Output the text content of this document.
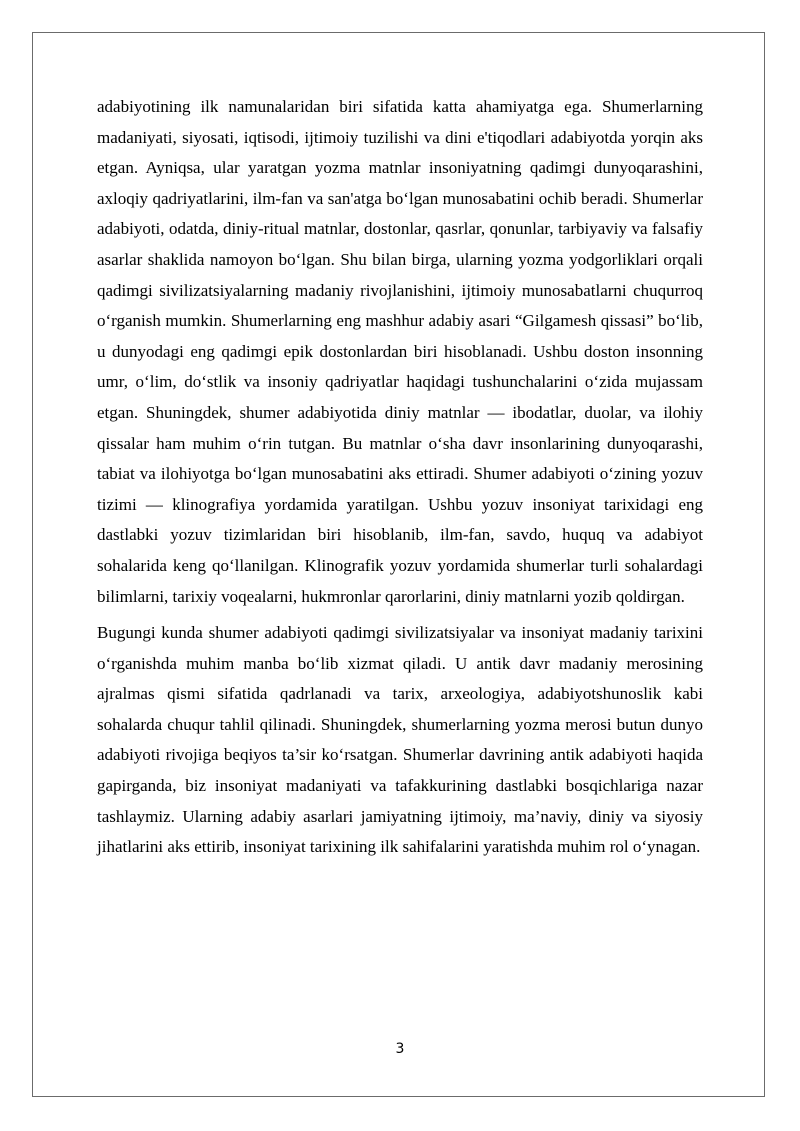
adabiyotining ilk namunalaridan biri sifatida katta ahamiyatga ega. Shumerlarning madaniyati, siyosati, iqtisodi, ijtimoiy tuzilishi va dini e'tiqodlari adabiyotda yorqin aks etgan. Ayniqsa, ular yaratgan yozma matnlar insoniyatning qadimgi dunyoqarashini, axloqiy qadriyatlarini, ilm-fan va san'atga bo‘lgan munosabatini ochib beradi. Shumerlar adabiyoti, odatda, diniy-ritual matnlar, dostonlar, qasrlar, qonunlar, tarbiyaviy va falsafiy asarlar shaklida namoyon bo‘lgan. Shu bilan birga, ularning yozma yodgorliklari orqali qadimgi sivilizatsiyalarning madaniy rivojlanishini, ijtimoiy munosabatlarni chuqurroq o‘rganish mumkin. Shumerlarning eng mashhur adabiy asari “Gilgamesh qissasi” bo‘lib, u dunyodagi eng qadimgi epik dostonlardan biri hisoblanadi. Ushbu doston insonning umr, o‘lim, do‘stlik va insoniy qadriyatlar haqidagi tushunchalarini o‘zida mujassam etgan. Shuningdek, shumer adabiyotida diniy matnlar — ibodatlar, duolar, va ilohiy qissalar ham muhim o‘rin tutgan. Bu matnlar o‘sha davr insonlarining dunyoqarashi, tabiat va ilohiyotga bo‘lgan munosabatini aks ettiradi. Shumer adabiyoti o‘zining yozuv tizimi — klinografiya yordamida yaratilgan. Ushbu yozuv insoniyat tarixidagi eng dastlabki yozuv tizimlaridan biri hisoblanib, ilm-fan, savdo, huquq va adabiyot sohalarida keng qo‘llanilgan. Klinografik yozuv yordamida shumerlar turli sohalardagi bilimlarni, tarixiy voqealarni, hukmronlar qarorlarini, diniy matnlarni yozib qoldirgan.

Bugungi kunda shumer adabiyoti qadimgi sivilizatsiyalar va insoniyat madaniy tarixini o‘rganishda muhim manba bo‘lib xizmat qiladi. U antik davr madaniy merosining ajralmas qismi sifatida qadrlanadi va tarix, arxeologiya, adabiyotshunoslik kabi sohalarda chuqur tahlil qilinadi. Shuningdek, shumerlarning yozma merosi butun dunyo adabiyoti rivojiga beqiyos ta’sir ko‘rsatgan. Shumerlar davrining antik adabiyoti haqida gapirganda, biz insoniyat madaniyati va tafakkurining dastlabki bosqichlariga nazar tashlaymiz. Ularning adabiy asarlari jamiyatning ijtimoiy, ma’naviy, diniy va siyosiy jihatlarini aks ettirib, insoniyat tarixining ilk sahifalarini yaratishda muhim rol o‘ynagan.

3
